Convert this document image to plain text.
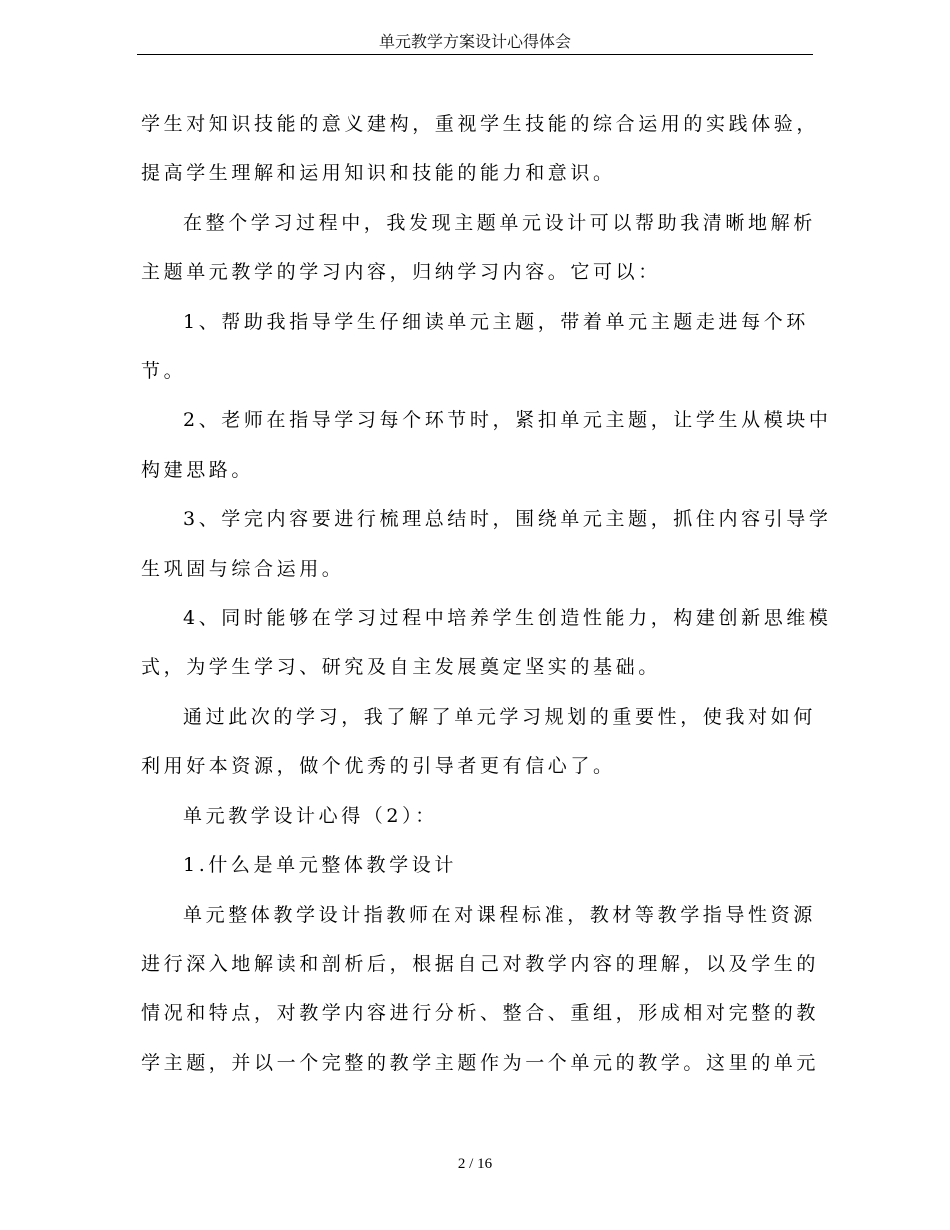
单元教学方案设计心得体会

学生对知识技能的意义建构，重视学生技能的综合运用的实践体验，

提高学生理解和运用知识和技能的能力和意识。

在整个学习过程中，我发现主题单元设计可以帮助我清晰地解析

主题单元教学的学习内容，归纳学习内容。它可以：

1、帮助我指导学生仔细读单元主题，带着单元主题走进每个环

节。

2、老师在指导学习每个环节时，紧扣单元主题，让学生从模块中

构建思路。

3、学完内容要进行梳理总结时，围绕单元主题，抓住内容引导学

生巩固与综合运用。

4、同时能够在学习过程中培养学生创造性能力，构建创新思维模

式，为学生学习、研究及自主发展奠定坚实的基础。

通过此次的学习，我了解了单元学习规划的重要性，使我对如何

利用好本资源，做个优秀的引导者更有信心了。

单元教学设计心得（2）：

1.什么是单元整体教学设计

单元整体教学设计指教师在对课程标准，教材等教学指导性资源

进行深入地解读和剖析后，根据自己对教学内容的理解，以及学生的

情况和特点，对教学内容进行分析、整合、重组，形成相对完整的教

学主题，并以一个完整的教学主题作为一个单元的教学。这里的单元

2 / 16
